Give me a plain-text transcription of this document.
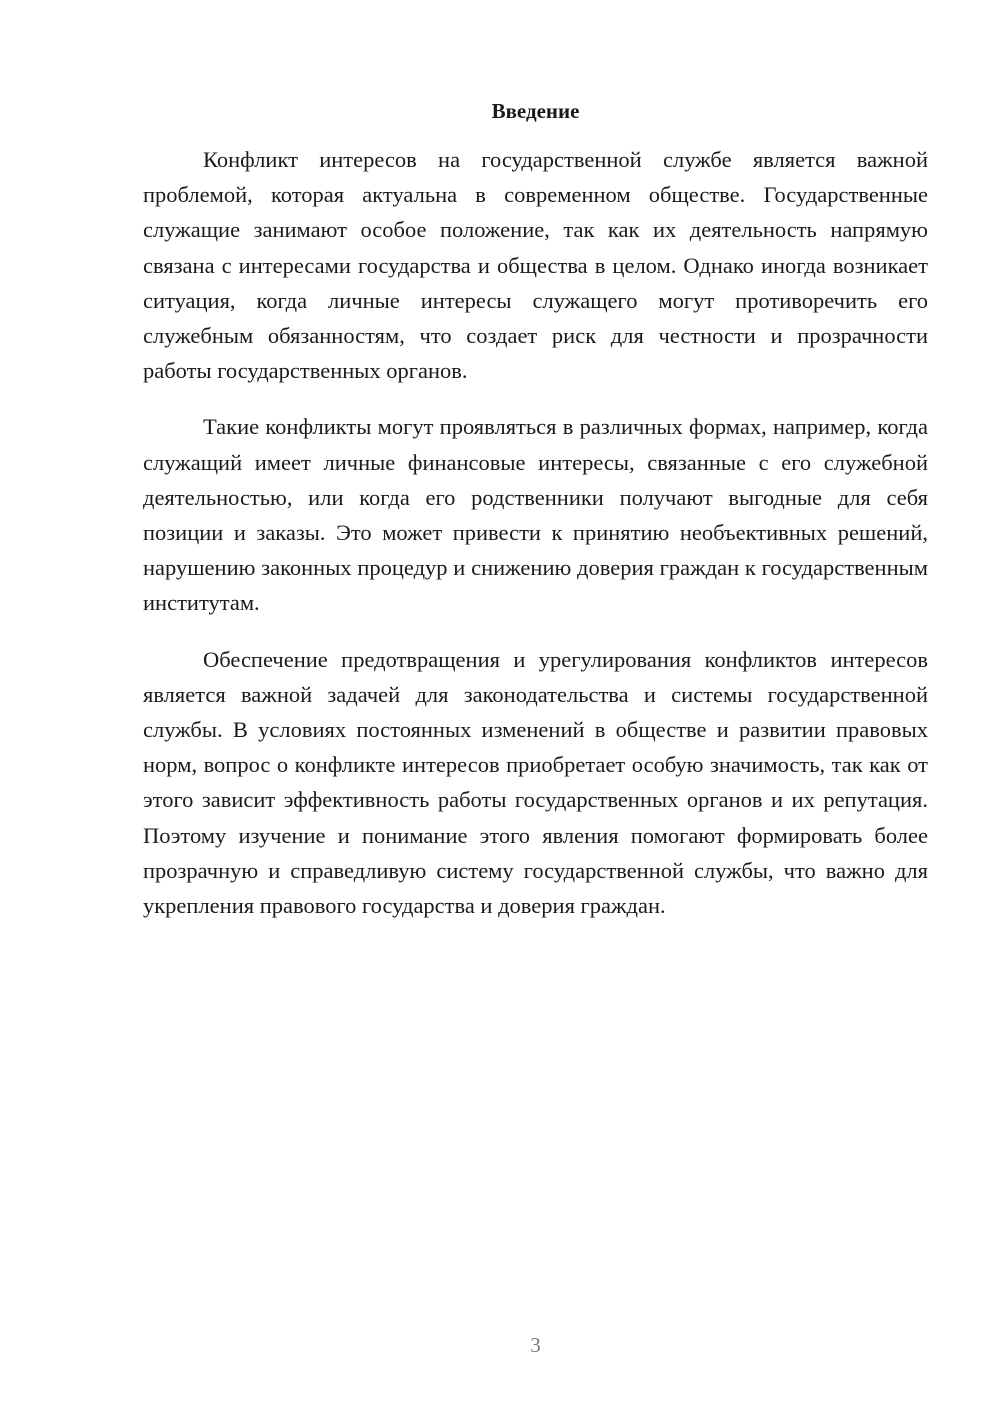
Введение

Конфликт интересов на государственной службе является важной проблемой, которая актуальна в современном обществе. Государственные служащие занимают особое положение, так как их деятельность напрямую связана с интересами государства и общества в целом. Однако иногда возникает ситуация, когда личные интересы служащего могут противоречить его служебным обязанностям, что создает риск для честности и прозрачности работы государственных органов.

Такие конфликты могут проявляться в различных формах, например, когда служащий имеет личные финансовые интересы, связанные с его служебной деятельностью, или когда его родственники получают выгодные для себя позиции и заказы. Это может привести к принятию необъективных решений, нарушению законных процедур и снижению доверия граждан к государственным институтам.

Обеспечение предотвращения и урегулирования конфликтов интересов является важной задачей для законодательства и системы государственной службы. В условиях постоянных изменений в обществе и развитии правовых норм, вопрос о конфликте интересов приобретает особую значимость, так как от этого зависит эффективность работы государственных органов и их репутация. Поэтому изучение и понимание этого явления помогают формировать более прозрачную и справедливую систему государственной службы, что важно для укрепления правового государства и доверия граждан.

3
